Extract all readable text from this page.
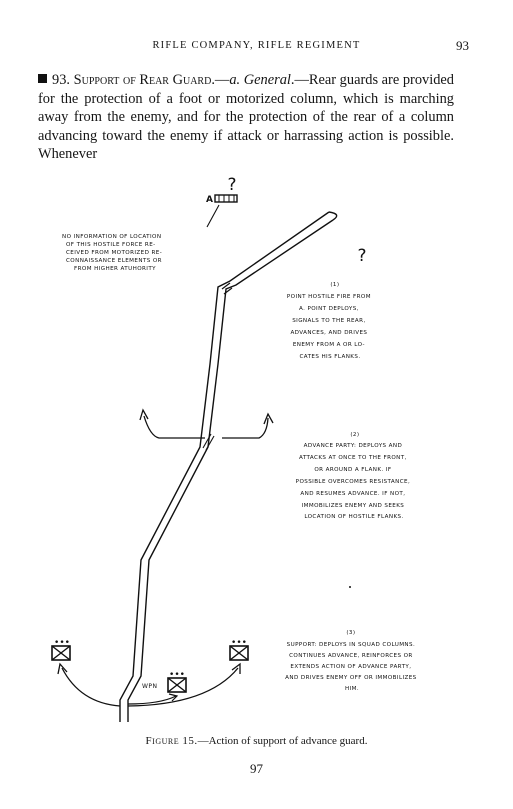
RIFLE COMPANY, RIFLE REGIMENT	93
93. Support of Rear Guard.—a. General.—Rear guards are provided for the protection of a foot or motorized column, which is marching away from the enemy, and for the protection of the rear of a column advancing toward the enemy if attack or harrassing action is possible. Whenever
?
A
NO INFORMATION OF LOCATION OF THIS HOSTILE FORCE RE- CEIVED FROM MOTORIZED RE- CONNAISSANCE ELEMENTS OR FROM HIGHER ATUHORITY
?
(1) POINT HOSTILE FIRE FROM A. POINT DEPLOYS, SIGNALS TO THE REAR, ADVANCES, AND DRIVES ENEMY FROM A OR LO- CATES HIS FLANKS.
(2) ADVANCE PARTY: DEPLOYS AND ATTACKS AT ONCE TO THE FRONT, OR AROUND A FLANK. IF POSSIBLE OVERCOMES RESISTANCE, AND RESUMES ADVANCE. IF NOT, IMMOBILIZES ENEMY AND SEEKS LOCATION OF HOSTILE FLANKS.
•••	•••
•••
WPN
(3) SUPPORT: DEPLOYS IN SQUAD COLUMNS. CONTINUES ADVANCE, REINFORCES OR EXTENDS ACTION OF ADVANCE PARTY, AND DRIVES ENEMY OFF OR IMMOBILIZES HIM.
Figure 15.—Action of support of advance guard.
97
